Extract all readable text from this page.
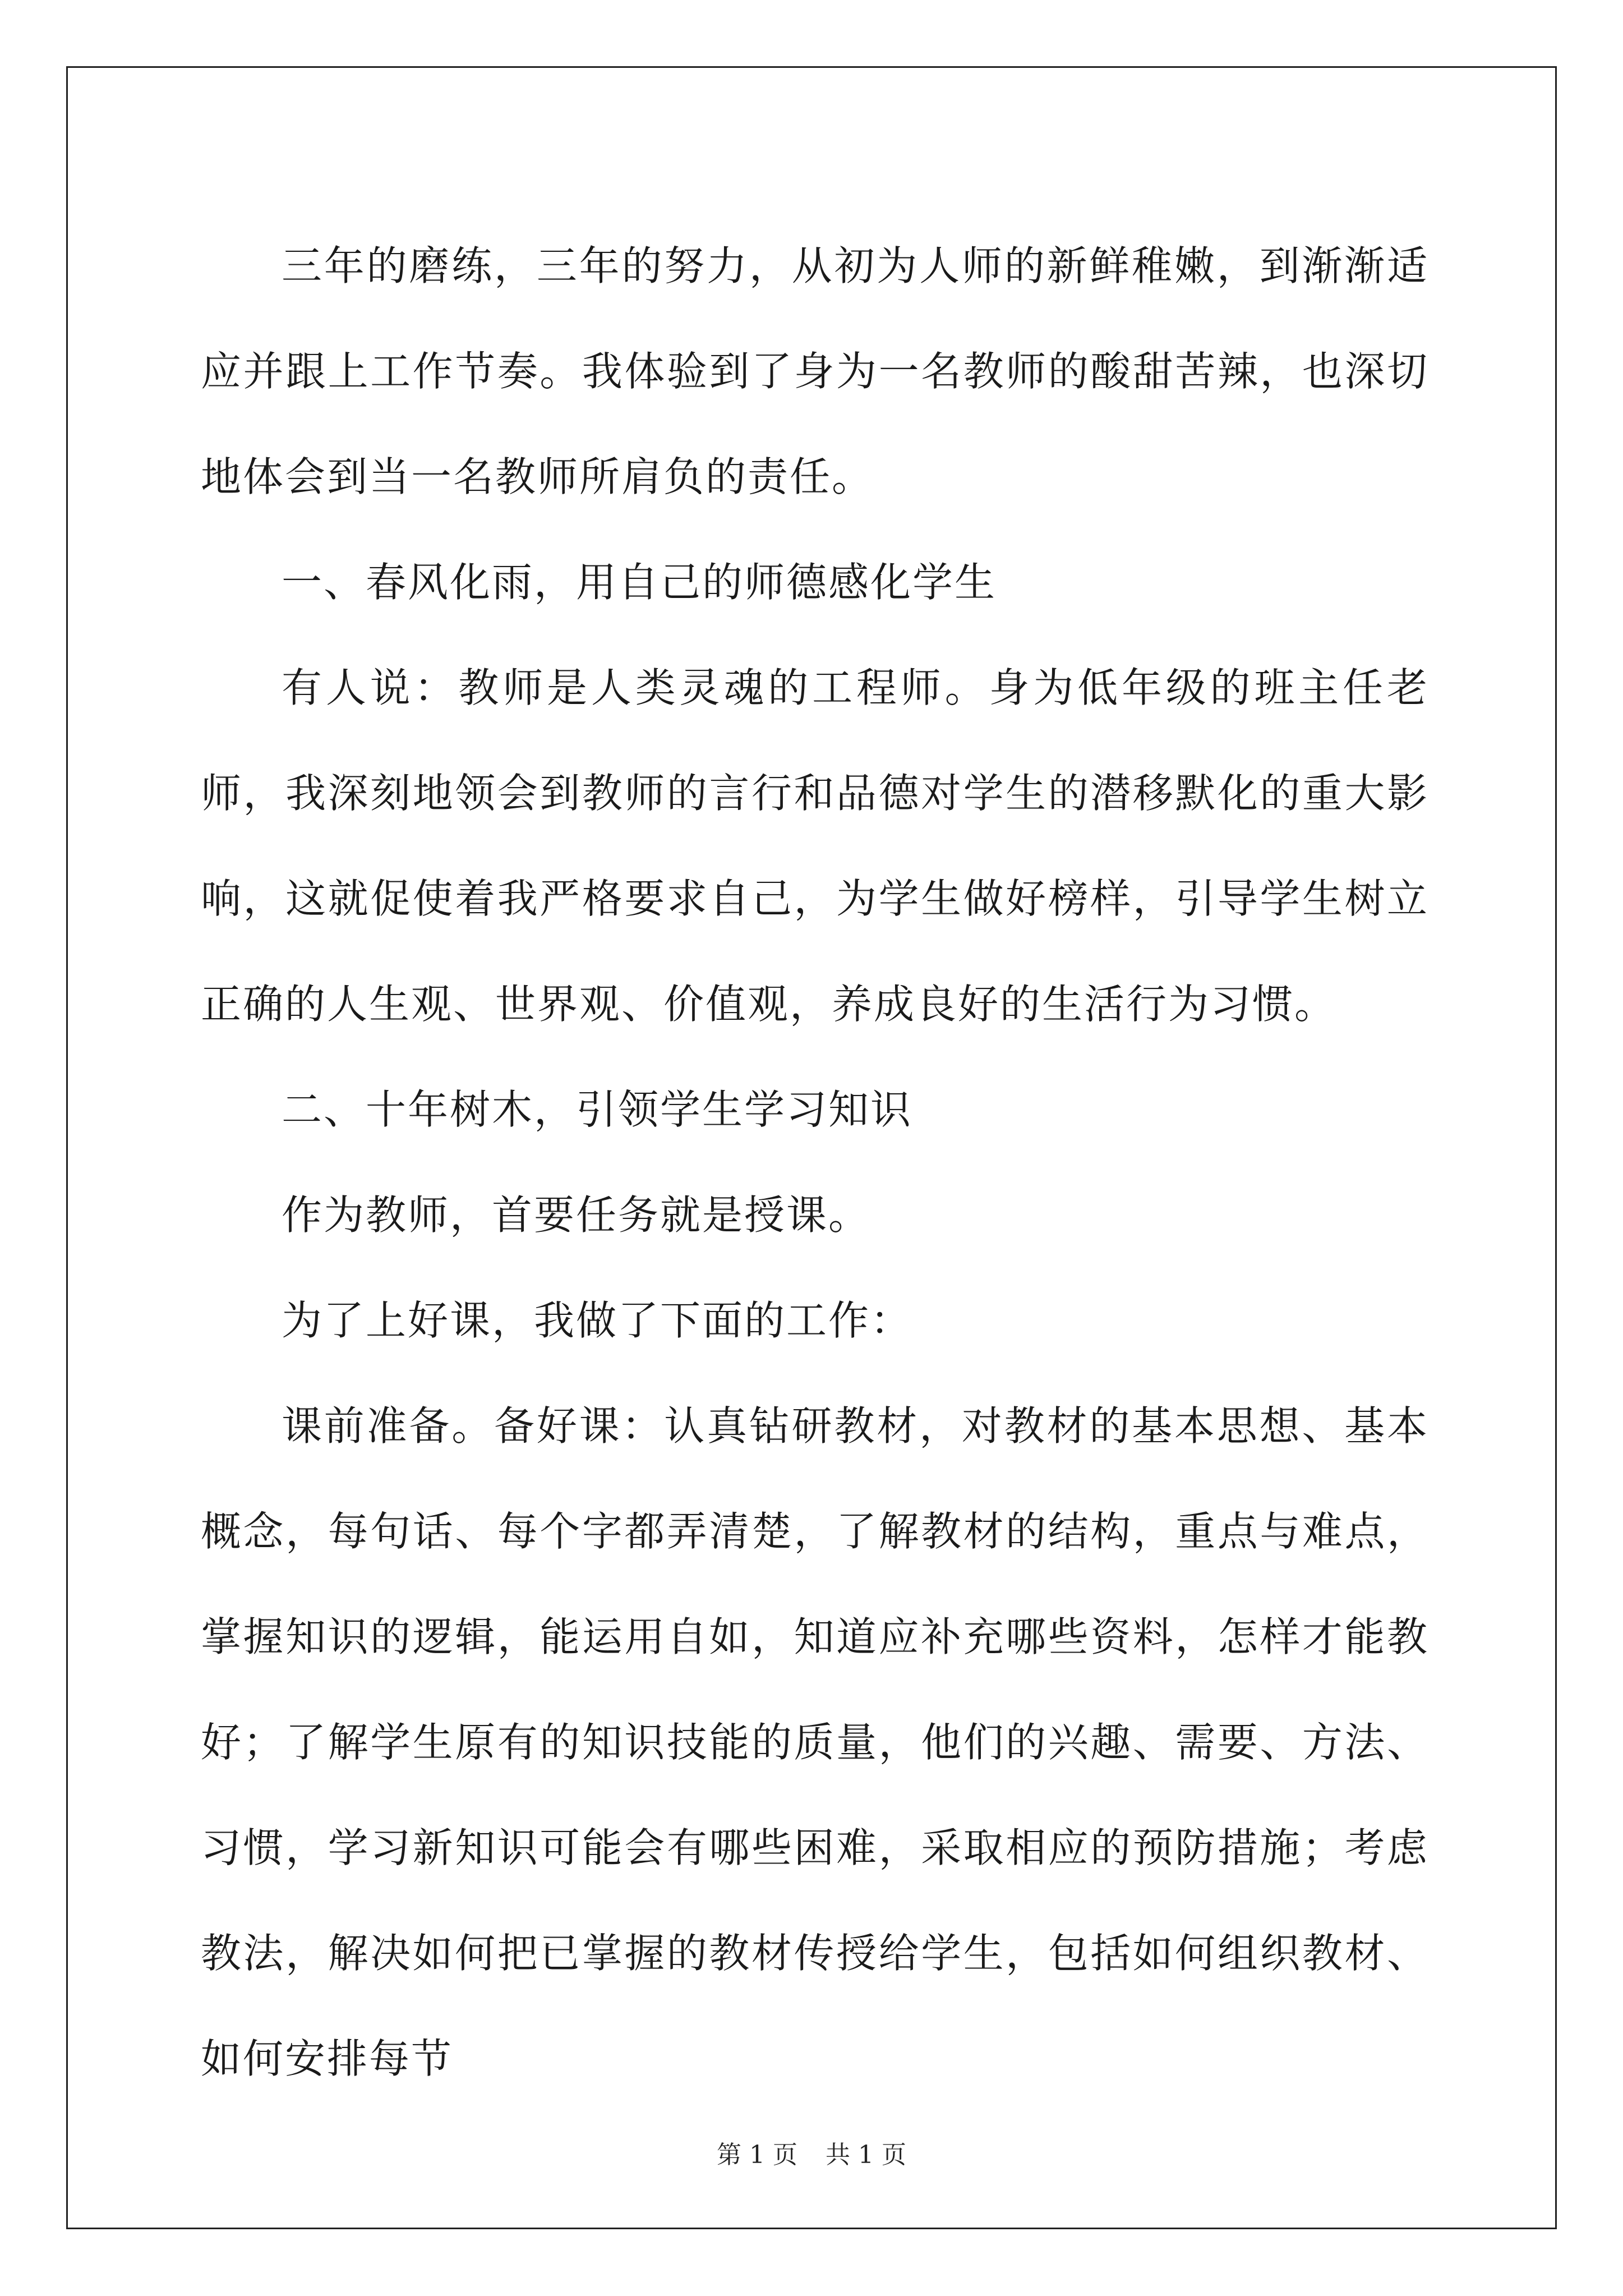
三年的磨练，三年的努力，从初为人师的新鲜稚嫩，到渐渐适应并跟上工作节奏。我体验到了身为一名教师的酸甜苦辣，也深切地体会到当一名教师所肩负的责任。

一、春风化雨，用自己的师德感化学生

有人说：教师是人类灵魂的工程师。身为低年级的班主任老师，我深刻地领会到教师的言行和品德对学生的潜移默化的重大影响，这就促使着我严格要求自己，为学生做好榜样，引导学生树立正确的人生观、世界观、价值观，养成良好的生活行为习惯。

二、十年树木，引领学生学习知识

作为教师，首要任务就是授课。

为了上好课，我做了下面的工作：

课前准备。备好课：认真钻研教材，对教材的基本思想、基本概念，每句话、每个字都弄清楚，了解教材的结构，重点与难点，掌握知识的逻辑，能运用自如，知道应补充哪些资料，怎样才能教好；了解学生原有的知识技能的质量，他们的兴趣、需要、方法、习惯，学习新知识可能会有哪些困难，采取相应的预防措施；考虑教法，解决如何把已掌握的教材传授给学生，包括如何组织教材、如何安排每节

第 1 页 共 1 页
